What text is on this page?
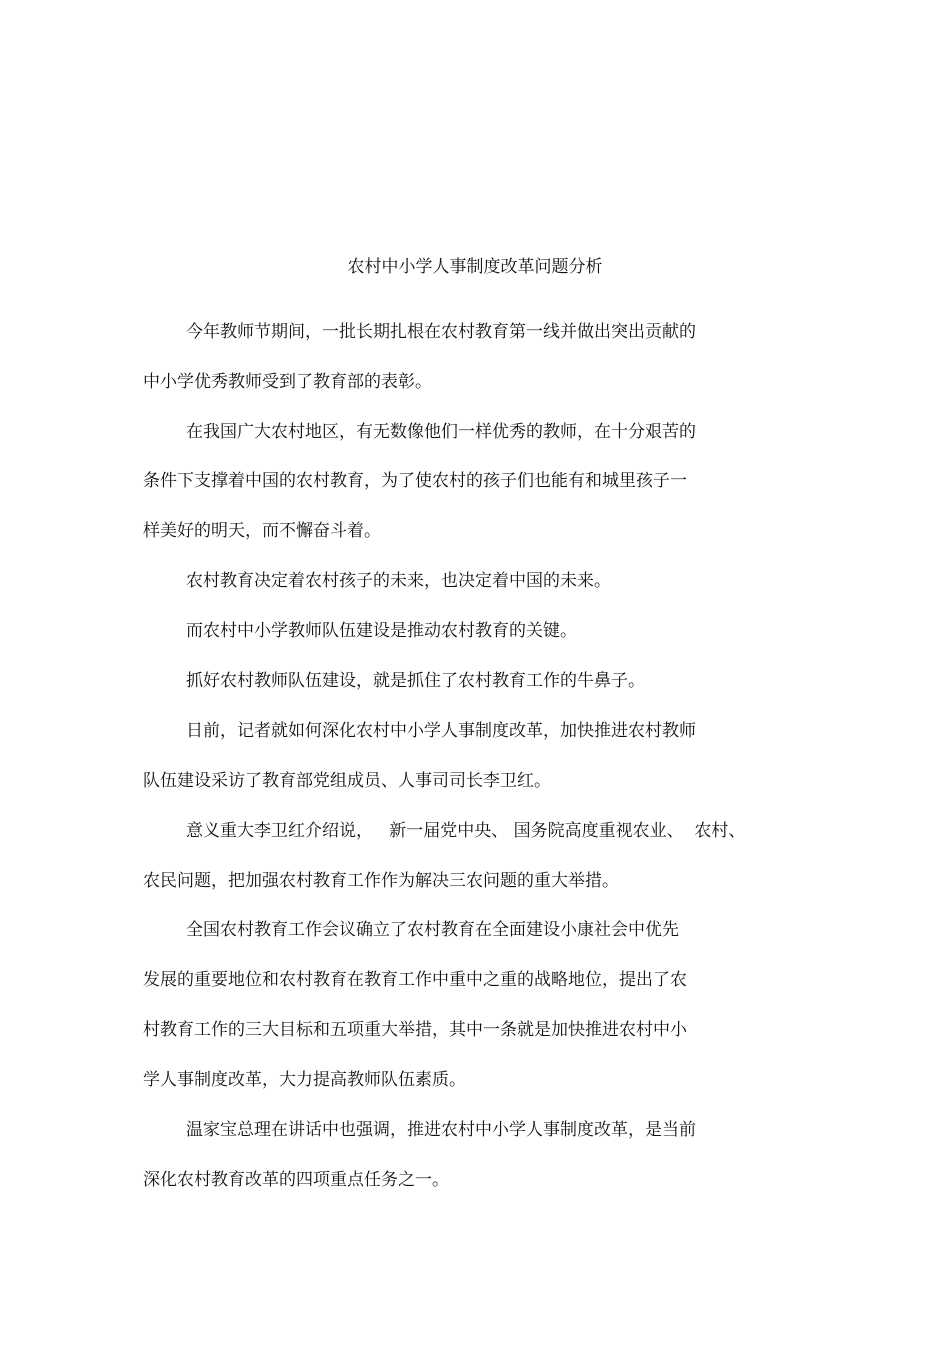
农村中小学人事制度改革问题分析
今年教师节期间，一批长期扎根在农村教育第一线并做出突出贡献的
中小学优秀教师受到了教育部的表彰。
在我国广大农村地区，有无数像他们一样优秀的教师，在十分艰苦的
条件下支撑着中国的农村教育，为了使农村的孩子们也能有和城里孩子一
样美好的明天，而不懈奋斗着。
农村教育决定着农村孩子的未来，也决定着中国的未来。
而农村中小学教师队伍建设是推动农村教育的关键。
抓好农村教师队伍建设，就是抓住了农村教育工作的牛鼻子。
日前，记者就如何深化农村中小学人事制度改革，加快推进农村教师
队伍建设采访了教育部党组成员、人事司司长李卫红。
意义重大李卫红介绍说，   新一届党中央、 国务院高度重视农业、  农村、
农民问题，把加强农村教育工作作为解决三农问题的重大举措。
全国农村教育工作会议确立了农村教育在全面建设小康社会中优先
发展的重要地位和农村教育在教育工作中重中之重的战略地位，提出了农
村教育工作的三大目标和五项重大举措，其中一条就是加快推进农村中小
学人事制度改革，大力提高教师队伍素质。
温家宝总理在讲话中也强调，推进农村中小学人事制度改革，是当前
深化农村教育改革的四项重点任务之一。
